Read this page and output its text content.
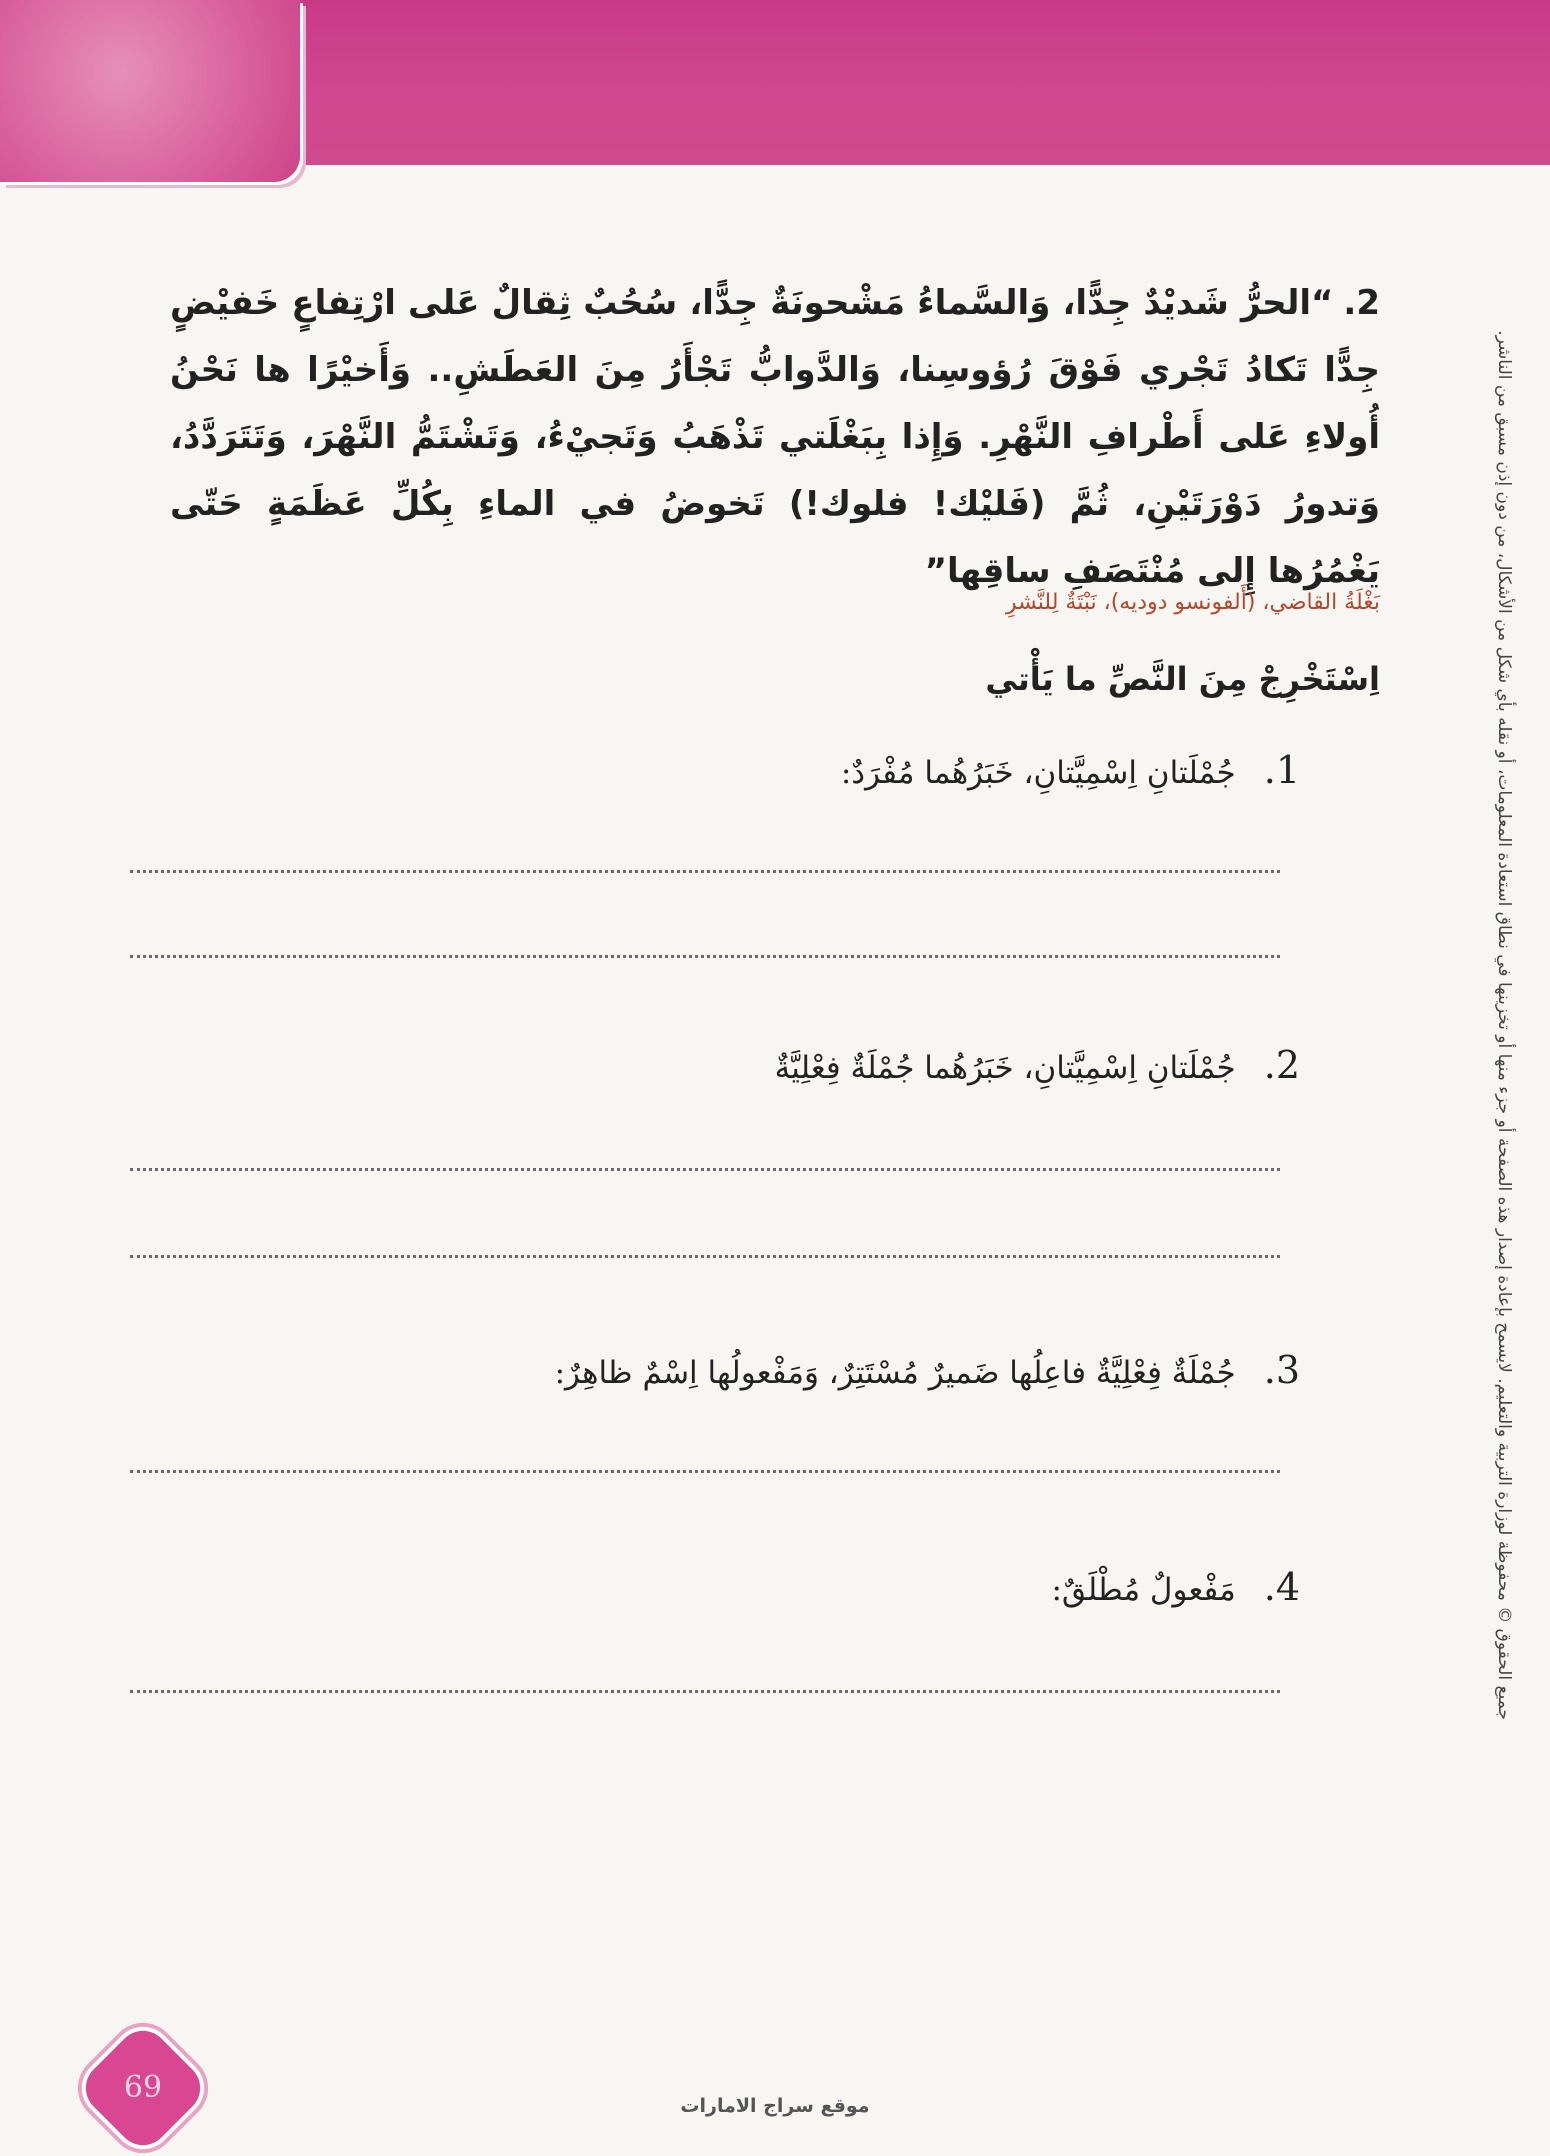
جميع الحقوق © محفوظة لوزارة التربية والتعليم. لايسمح بإعادة إصدار هذه الصفحة أو جزء منها أو تخزينها في نطاق استعادة المعلومات، أو نقله بأي شكل من الأشكال، من دون إذن مسبق من الناشر.
2.“الحرُّ شَديْدٌ جِدًّا، وَالسَّماءُ مَشْحونَةٌ جِدًّا، سُحُبٌ ثِقالٌ عَلى ارْتِفاعٍ خَفيْضٍ جِدًّا تَكادُ تَجْري فَوْقَ رُؤوسِنا، وَالدَّوابُّ تَجْأَرُ مِنَ العَطَشِ.. وَأَخيْرًا ها نَحْنُ أُولاءِ عَلى أَطْرافِ النَّهْرِ. وَإِذا بِبَغْلَتي تَذْهَبُ وَتَجيْءُ، وَتَشْتَمُّ النَّهْرَ، وَتَتَرَدَّدُ، وَتدورُ دَوْرَتَيْنِ، ثُمَّ (فَليْك! فلوك!) تَخوضُ في الماءِ بِكُلِّ عَظَمَةٍ حَتّى يَغْمُرُها إِلى مُنْتَصَفِ ساقِها”
بَغْلَةُ القاضي، (أَلفونسو دوديه)، نَبْتَةٌ لِلنَّشرِ
اِسْتَخْرِجْ مِنَ النَّصِّ ما يَأْتي
1.جُمْلَتانِ اِسْمِيَّتانِ، خَبَرُهُما مُفْرَدٌ:
2.جُمْلَتانِ اِسْمِيَّتانِ، خَبَرُهُما جُمْلَةٌ فِعْلِيَّةٌ
3.جُمْلَةٌ فِعْلِيَّةٌ فاعِلُها ضَميرٌ مُسْتَتِرٌ، وَمَفْعولُها اِسْمٌ ظاهِرٌ:
4.مَفْعولٌ مُطْلَقٌ:
69
موقع سراج الامارات
